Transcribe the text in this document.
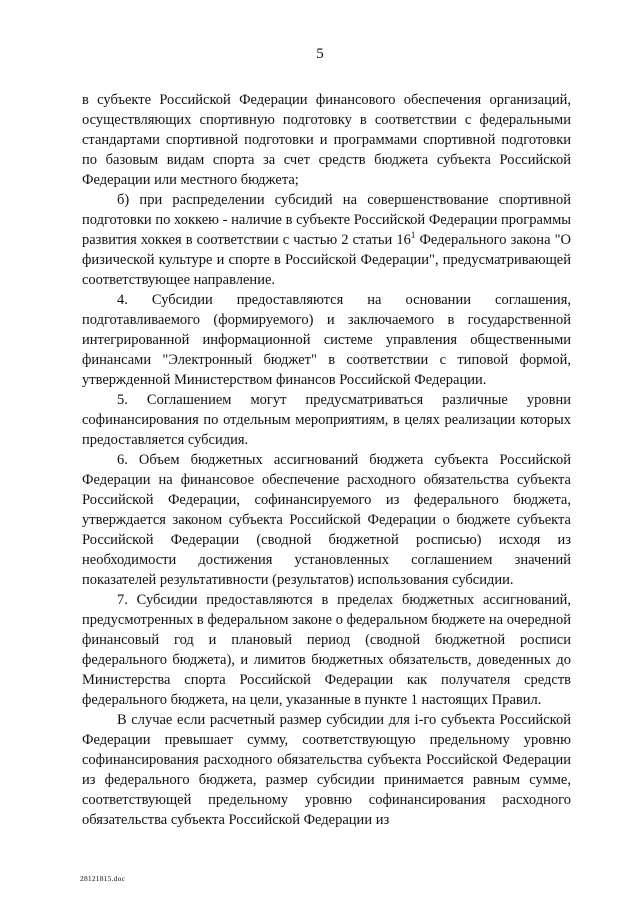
5

в субъекте Российской Федерации финансового обеспечения организаций, осуществляющих спортивную подготовку в соответствии с федеральными стандартами спортивной подготовки и программами спортивной подготовки по базовым видам спорта за счет средств бюджета субъекта Российской Федерации или местного бюджета;

б) при распределении субсидий на совершенствование спортивной подготовки по хоккею - наличие в субъекте Российской Федерации программы развития хоккея в соответствии с частью 2 статьи $16^1$ Федерального закона "О физической культуре и спорте в Российской Федерации", предусматривающей соответствующее направление.

4. Субсидии предоставляются на основании соглашения, подготавливаемого (формируемого) и заключаемого в государственной интегрированной информационной системе управления общественными финансами "Электронный бюджет" в соответствии с типовой формой, утвержденной Министерством финансов Российской Федерации.

5. Соглашением могут предусматриваться различные уровни софинансирования по отдельным мероприятиям, в целях реализации которых предоставляется субсидия.

6. Объем бюджетных ассигнований бюджета субъекта Российской Федерации на финансовое обеспечение расходного обязательства субъекта Российской Федерации, софинансируемого из федерального бюджета, утверждается законом субъекта Российской Федерации о бюджете субъекта Российской Федерации (сводной бюджетной росписью) исходя из необходимости достижения установленных соглашением значений показателей результативности (результатов) использования субсидии.

7. Субсидии предоставляются в пределах бюджетных ассигнований, предусмотренных в федеральном законе о федеральном бюджете на очередной финансовый год и плановый период (сводной бюджетной росписи федерального бюджета), и лимитов бюджетных обязательств, доведенных до Министерства спорта Российской Федерации как получателя средств федерального бюджета, на цели, указанные в пункте 1 настоящих Правил.

В случае если расчетный размер субсидии для i-го субъекта Российской Федерации превышает сумму, соответствующую предельному уровню софинансирования расходного обязательства субъекта Российской Федерации из федерального бюджета, размер субсидии принимается равным сумме, соответствующей предельному уровню софинансирования расходного обязательства субъекта Российской Федерации из

28121815.doc
